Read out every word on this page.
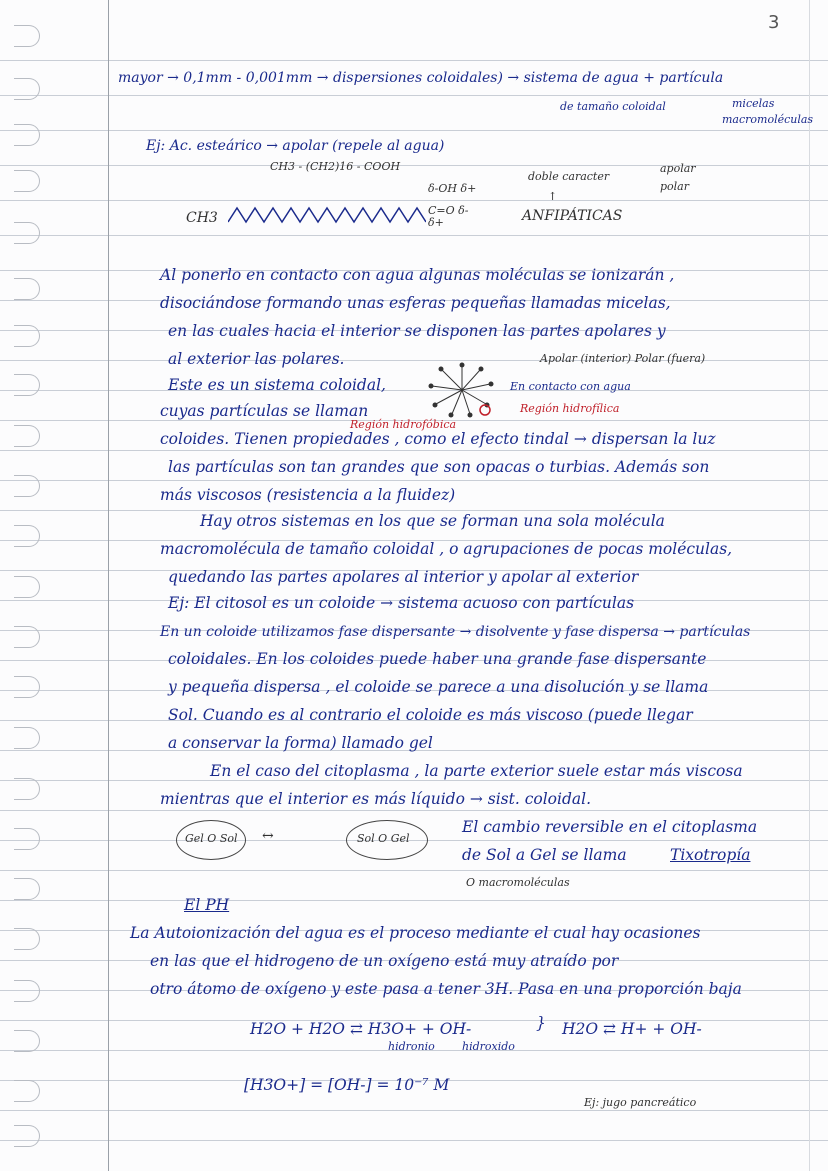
3
mayor → 0,1mm - 0,001mm → dispersiones coloidales) → sistema de agua + partícula
de tamaño coloidal	micelas
macromoléculas
Ej: Ac. esteárico → apolar (repele al agua)
CH3 - (CH2)16 - COOH
δ-OH δ+
doble caracter
apolar
polar
↑
CH3	C=O δ-
δ+	ANFIPÁTICAS
Al ponerlo en contacto con agua algunas moléculas se ionizarán ,
disociándose formando unas esferas pequeñas llamadas micelas,
en las cuales hacia el interior se disponen las partes apolares y
al exterior las polares.	Apolar (interior) Polar (fuera)
Este es un sistema coloidal,	En contacto con agua
cuyas partículas se llaman	Región hidrofílica
Región hidrofóbica
coloides. Tienen propiedades , como el efecto tindal → dispersan la luz
las partículas son tan grandes que son opacas o turbias. Además son
más viscosos (resistencia a la fluidez)
Hay otros sistemas en los que se forman una sola molécula
macromolécula de tamaño coloidal , o agrupaciones de pocas moléculas,
quedando las partes apolares al interior y apolar al exterior
Ej: El citosol es un coloide → sistema acuoso con partículas
En un coloide utilizamos fase dispersante → disolvente y fase dispersa → partículas
coloidales. En los coloides puede haber una grande fase dispersante
y pequeña dispersa , el coloide se parece a una disolución y se llama
Sol. Cuando es al contrario el coloide es más viscoso (puede llegar
a conservar la forma) llamado gel
En el caso del citoplasma , la parte exterior suele estar más viscosa
mientras que el interior es más líquido → sist. coloidal.
Gel O Sol ↔	Sol O Gel
El cambio reversible en el citoplasma
de Sol a Gel se llama	Tixotropía
O macromoléculas
El PH
La Autoionización del agua es el proceso mediante el cual hay ocasiones
en las que el hidrogeno de un oxígeno está muy atraído por
otro átomo de oxígeno y este pasa a tener 3H. Pasa en una proporción baja
H2O + H2O ⇄ H3O+ + OH-
hidronio hidroxido
} H2O ⇄ H+ + OH-
[H3O+] = [OH-] = 10⁻⁷ M
Ej: jugo pancreático
